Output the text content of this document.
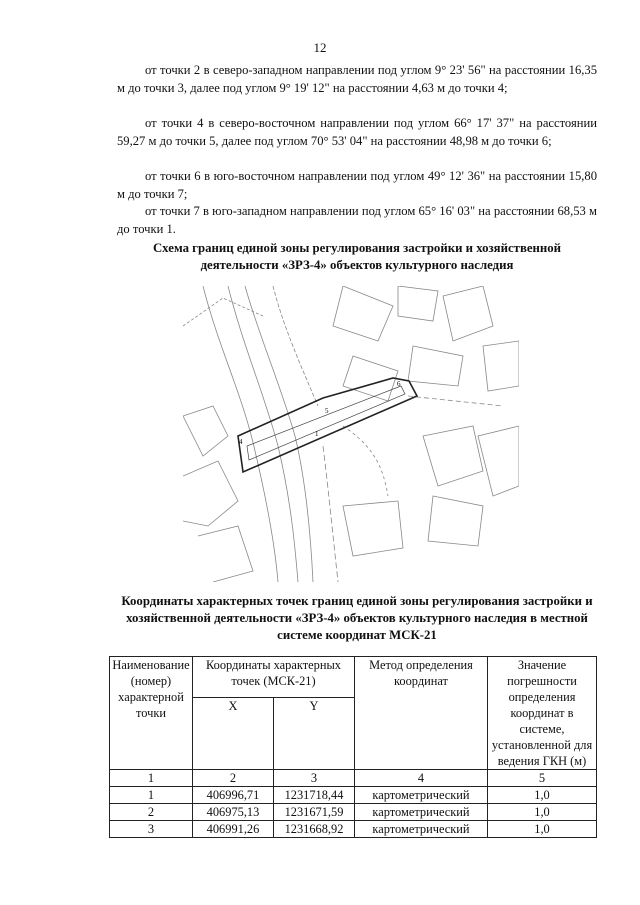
12
от точки 2 в северо-западном направлении под углом 9° 23' 56" на расстоянии 16,35 м до точки 3, далее под углом 9° 19' 12" на расстоянии 4,63 м до точки 4;
от точки 4 в северо-восточном направлении под углом 66° 17' 37" на расстоянии 59,27 м до точки 5, далее под углом 70° 53' 04" на расстоянии 48,98 м до точки 6;
от точки 6 в юго-восточном направлении под углом 49° 12' 36" на расстоянии 15,80 м до точки 7;
от точки 7 в юго-западном направлении под углом 65° 16' 03" на расстоянии 68,53 м до точки 1.
Схема границ единой зоны регулирования застройки и хозяйственной деятельности «ЗРЗ-4» объектов культурного наследия
4
5
6
1
Координаты характерных точек границ единой зоны регулирования застройки и хозяйственной деятельности «ЗРЗ-4» объектов культурного наследия в местной системе координат МСК-21
Наименование (номер) характерной точки	Координаты характерных точек (МСК-21)		Метод определения координат	Значение погрешности определения координат в системе, установленной для ведения ГКН (м)
	X	Y		
1	2	3	4	5
1	406996,71	1231718,44	картометрический	1,0
2	406975,13	1231671,59	картометрический	1,0
3	406991,26	1231668,92	картометрический	1,0
